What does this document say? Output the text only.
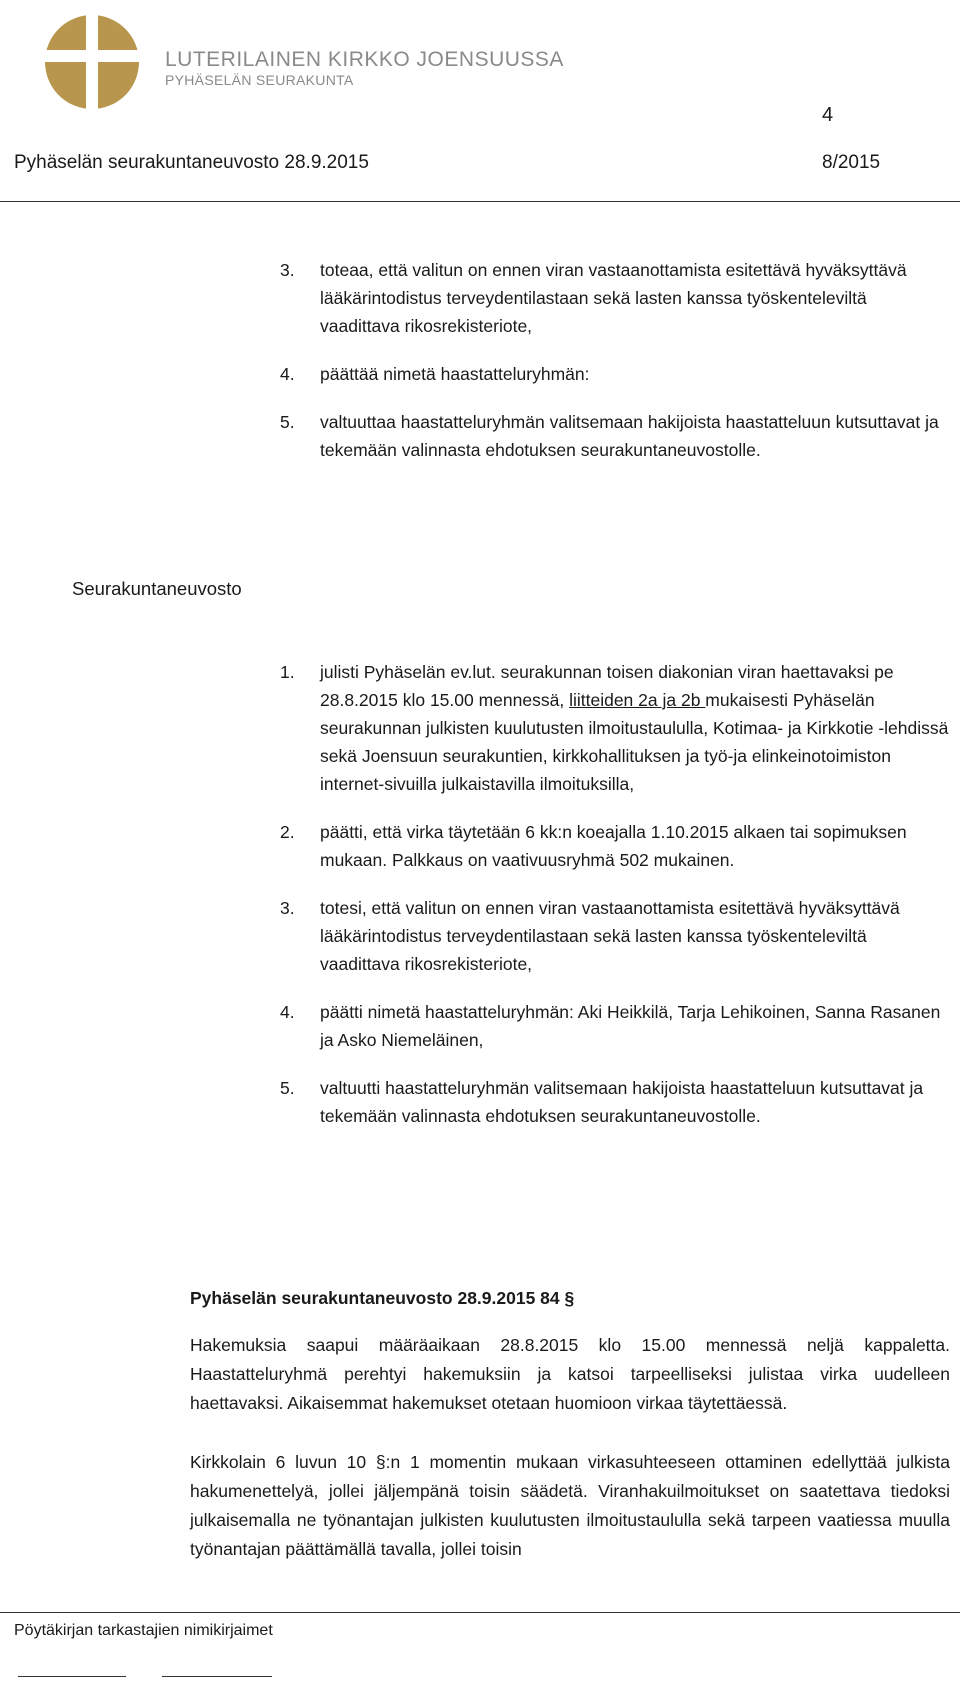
LUTERILAINEN KIRKKO JOENSUUSSA
PYHÄSELÄN SEURAKUNTA
4
Pyhäselän seurakuntaneuvosto 28.9.2015	8/2015
3. toteaa, että valitun on ennen viran vastaanottamista esitettävä hyväksyttävä lääkärintodistus terveydentilastaan sekä lasten kanssa työskenteleviltä vaadittava rikosrekisteriote,

4. päättää nimetä haastatteluryhmän:

5. valtuuttaa haastatteluryhmän valitsemaan hakijoista haastatteluun kutsuttavat ja tekemään valinnasta ehdotuksen seurakuntaneuvostolle.

Seurakuntaneuvosto
1. julisti Pyhäselän ev.lut. seurakunnan toisen diakonian viran haettavaksi pe 28.8.2015 klo 15.00 mennessä, liitteiden 2a ja 2b mukaisesti Pyhäselän seurakunnan julkisten kuulutusten ilmoitustaululla, Kotimaa- ja Kirkkotie -lehdissä sekä Joensuun seurakuntien, kirkkohallituksen ja työ-ja elinkeinotoimiston internet-sivuilla julkaistavilla ilmoituksilla,

2. päätti, että virka täytetään 6 kk:n koeajalla 1.10.2015 alkaen tai sopimuksen mukaan. Palkkaus on vaativuusryhmä 502 mukainen.

3. totesi, että valitun on ennen viran vastaanottamista esitettävä hyväksyttävä lääkärintodistus terveydentilastaan sekä lasten kanssa työskenteleviltä vaadittava rikosrekisteriote,

4. päätti nimetä haastatteluryhmän: Aki Heikkilä, Tarja Lehikoinen, Sanna Rasanen ja Asko Niemeläinen,

5. valtuutti haastatteluryhmän valitsemaan hakijoista haastatteluun kutsuttavat ja tekemään valinnasta ehdotuksen seurakuntaneuvostolle.

Pyhäselän seurakuntaneuvosto 28.9.2015 84 §

Hakemuksia saapui määräaikaan 28.8.2015 klo 15.00 mennessä neljä kappaletta. Haastatteluryhmä perehtyi hakemuksiin ja katsoi tarpeelliseksi julistaa virka uudelleen haettavaksi. Aikaisemmat hakemukset otetaan huomioon virkaa täytettäessä.

Kirkkolain 6 luvun 10 §:n 1 momentin mukaan virkasuhteeseen ottaminen edellyttää julkista hakumenettelyä, jollei jäljempänä toisin säädetä. Viranhakuilmoitukset on saatettava tiedoksi julkaisemalla ne työnantajan julkisten kuulutusten ilmoitustaululla sekä tarpeen vaatiessa muulla työnantajan päättämällä tavalla, jollei toisin

Pöytäkirjan tarkastajien nimikirjaimet
